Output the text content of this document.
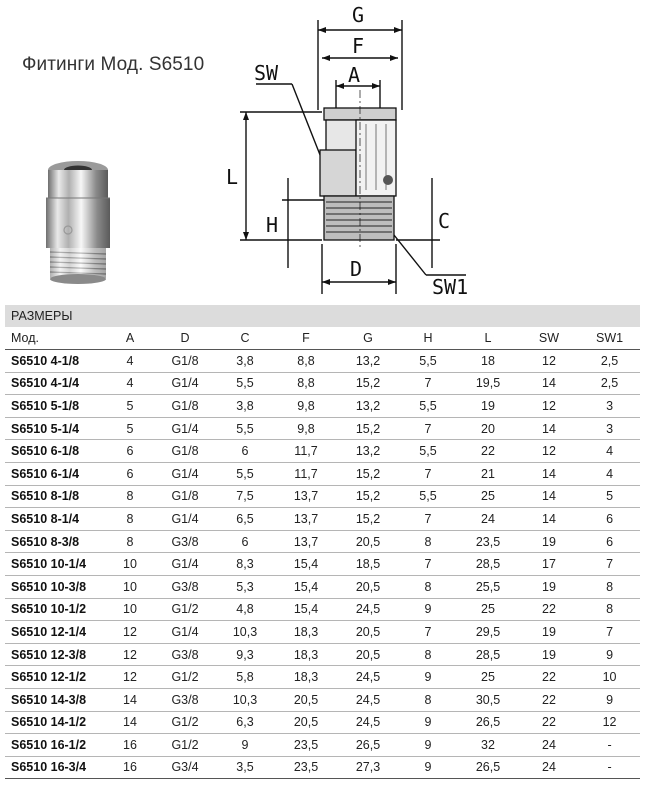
Фитинги Мод. S6510
G
F
A
SW
L
H	C
D
SW1
РАЗМЕРЫ									
Мод.	A	D	C	F	G	H	L	SW	SW1
S6510 4-1/8	4	G1/8	3,8	8,8	13,2	5,5	18	12	2,5
S6510 4-1/4	4	G1/4	5,5	8,8	15,2	7	19,5	14	2,5
S6510 5-1/8	5	G1/8	3,8	9,8	13,2	5,5	19	12	3
S6510 5-1/4	5	G1/4	5,5	9,8	15,2	7	20	14	3
S6510 6-1/8	6	G1/8	6	11,7	13,2	5,5	22	12	4
S6510 6-1/4	6	G1/4	5,5	11,7	15,2	7	21	14	4
S6510 8-1/8	8	G1/8	7,5	13,7	15,2	5,5	25	14	5
S6510 8-1/4	8	G1/4	6,5	13,7	15,2	7	24	14	6
S6510 8-3/8	8	G3/8	6	13,7	20,5	8	23,5	19	6
S6510 10-1/4	10	G1/4	8,3	15,4	18,5	7	28,5	17	7
S6510 10-3/8	10	G3/8	5,3	15,4	20,5	8	25,5	19	8
S6510 10-1/2	10	G1/2	4,8	15,4	24,5	9	25	22	8
S6510 12-1/4	12	G1/4	10,3	18,3	20,5	7	29,5	19	7
S6510 12-3/8	12	G3/8	9,3	18,3	20,5	8	28,5	19	9
S6510 12-1/2	12	G1/2	5,8	18,3	24,5	9	25	22	10
S6510 14-3/8	14	G3/8	10,3	20,5	24,5	8	30,5	22	9
S6510 14-1/2	14	G1/2	6,3	20,5	24,5	9	26,5	22	12
S6510 16-1/2	16	G1/2	9	23,5	26,5	9	32	24	-
S6510 16-3/4	16	G3/4	3,5	23,5	27,3	9	26,5	24	-
